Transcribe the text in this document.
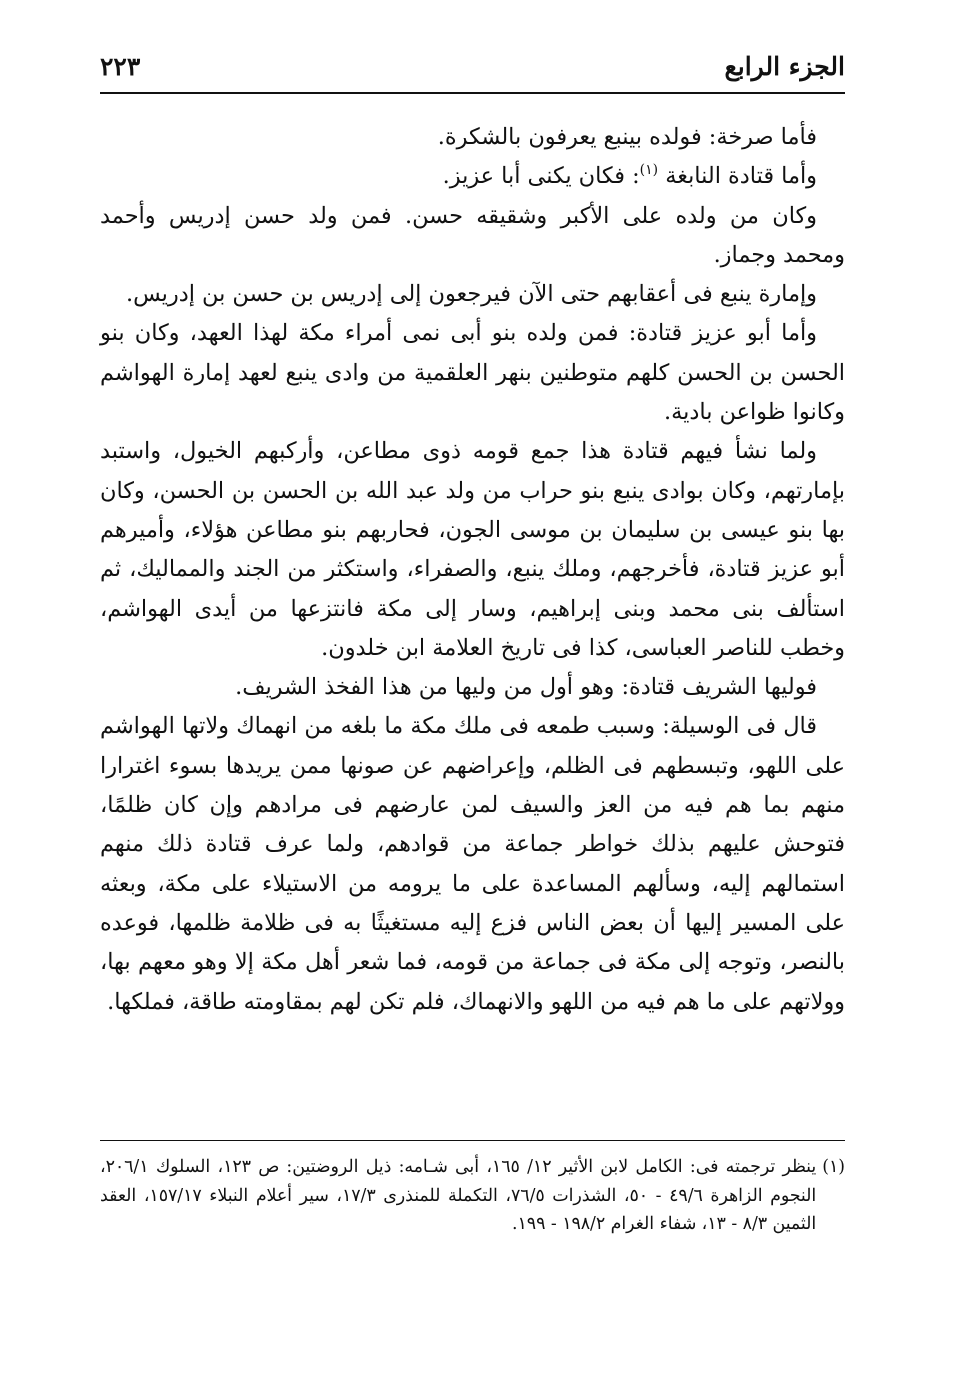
الجزء الرابع
٢٢٣

فأما صرخة: فولده بينبع يعرفون بالشكرة.

وأما قتادة النابغة $^{(١)}$: فكان يكنى أبا عزيز.

وكان من ولده على الأكبر وشقيقه حسن. فمن ولد حسن إدريس وأحمد ومحمد وجماز.

وإمارة ينبع فى أعقابهم حتى الآن فيرجعون إلى إدريس بن حسن بن إدريس.

وأما أبو عزيز قتادة: فمن ولده بنو أبى نمى أمراء مكة لهذا العهد، وكان بنو الحسن بن الحسن كلهم متوطنين بنهر العلقمية من وادى ينبع لعهد إمارة الهواشم وكانوا ظواعن بادية.

ولما نشأ فيهم قتادة هذا جمع قومه ذوى مطاعن، وأركبهم الخيول، واستبد بإمارتهم، وكان بوادى ينبع بنو حراب من ولد عبد الله بن الحسن بن الحسن، وكان بها بنو عيسى بن سليمان بن موسى الجون، فحاربهم بنو مطاعن هؤلاء، وأميرهم أبو عزيز قتادة، فأخرجهم، وملك ينبع، والصفراء، واستكثر من الجند والمماليك، ثم استألف بنى محمد وبنى إبراهيم، وسار إلى مكة فانتزعها من أيدى الهواشم، وخطب للناصر العباسى، كذا فى تاريخ العلامة ابن خلدون.

فوليها الشريف قتادة: وهو أول من وليها من هذا الفخذ الشريف.

قال فى الوسيلة: وسبب طمعه فى ملك مكة ما بلغه من انهماك ولاتها الهواشم على اللهو، وتبسطهم فى الظلم، وإعراضهم عن صونها ممن يريدها بسوء اغترارا منهم بما هم فيه من العز والسيف لمن عارضهم فى مرادهم وإن كان ظلمًا، فتوحش عليهم بذلك خواطر جماعة من قوادهم، ولما عرف قتادة ذلك منهم استمالهم إليه، وسألهم المساعدة على ما يرومه من الاستيلاء على مكة، وبعثه على المسير إليها أن بعض الناس فزع إليه مستغيثًا به فى ظلامة ظلمها، فوعده بالنصر، وتوجه إلى مكة فى جماعة من قومه، فما شعر أهل مكة إلا وهو معهم بها، وولاتهم على ما هم فيه من اللهو والانهماك، فلم تكن لهم بمقاومته طاقة، فملكها.

(١)
ينظر ترجمته فى: الكامل لابن الأثير ١٢/ ١٦٥، أبى شـامه: ذيل الروضتين: ص ١٢٣، السلوك ٢٠٦/١، النجوم الزاهرة ٤٩/٦ - ٥٠، الشذرات ٧٦/٥، التكملة للمنذرى ١٧/٣، سير أعلام النبلاء ١٥٧/١٧، العقد الثمين ٨/٣ - ١٣، شفاء الغرام ١٩٨/٢ - ١٩٩.
